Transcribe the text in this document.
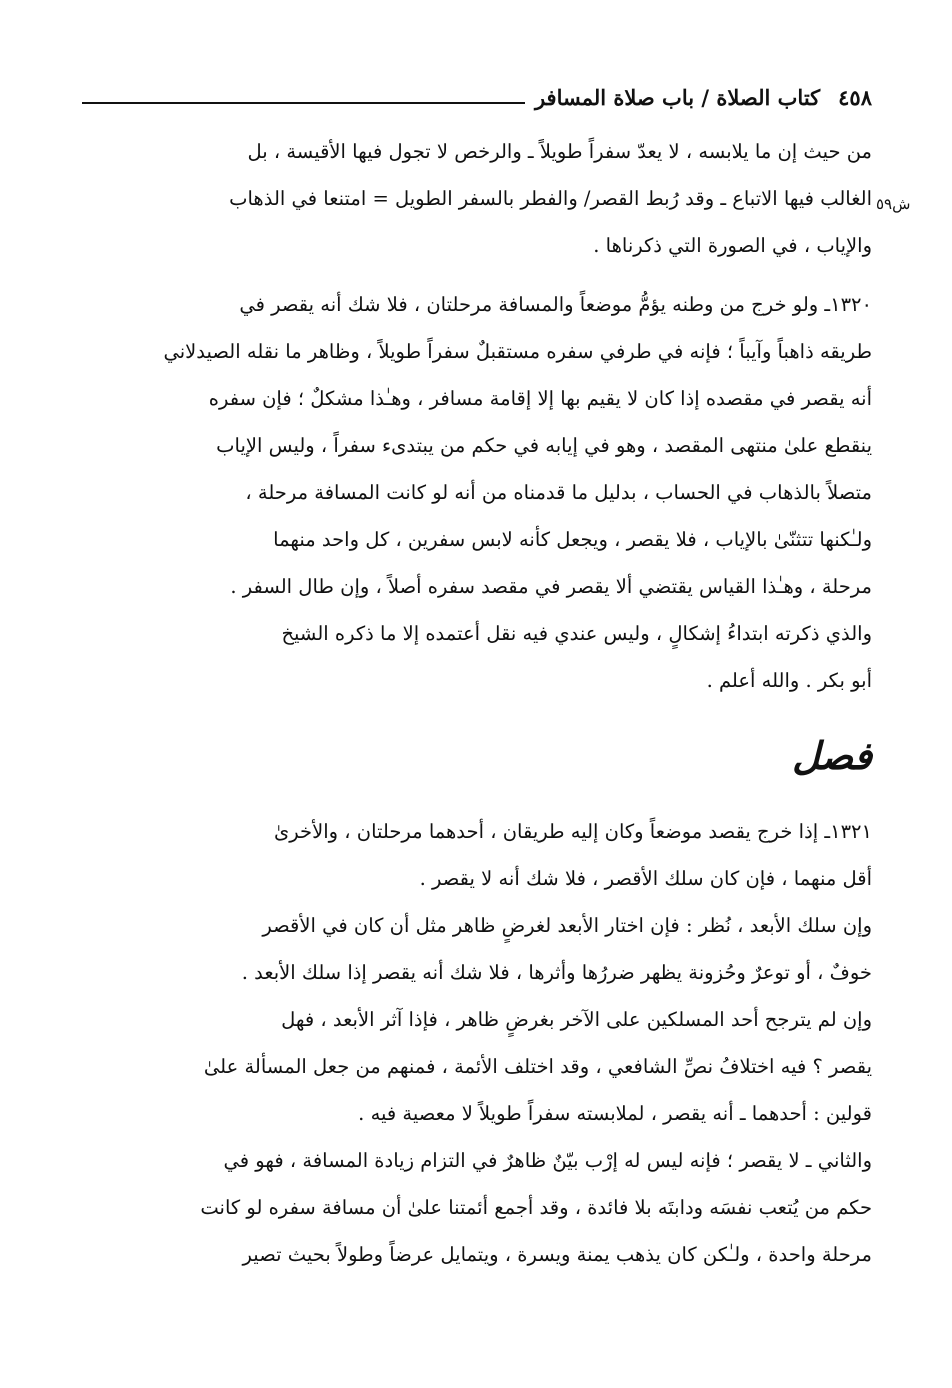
٤٥٨
كتاب الصلاة / باب صلاة المسافر
ش٥٩
من حيث إن ما يلابسه ، لا يعدّ سفراً طويلاً ـ والرخص لا تجول فيها الأقيسة ، بل
الغالب فيها الاتباع ـ وقد رُبط القصر/ والفطر بالسفر الطويل = امتنعا في الذهاب
والإياب ، في الصورة التي ذكرناها .
١٣٢٠ـ ولو خرج من وطنه يؤمُّ موضعاً والمسافة مرحلتان ، فلا شك أنه يقصر في
طريقه ذاهباً وآيباً ؛ فإنه في طرفي سفره مستقبلٌ سفراً طويلاً ، وظاهر ما نقله الصيدلاني
أنه يقصر في مقصده إذا كان لا يقيم بها إلا إقامة مسافر ، وهـٰذا مشكلٌ ؛ فإن سفره
ينقطع علىٰ منتهى المقصد ، وهو في إيابه في حكم من يبتدىء سفراً ، وليس الإياب
متصلاً بالذهاب في الحساب ، بدليل ما قدمناه من أنه لو كانت المسافة مرحلة ،
ولـٰكنها تتثنّىٰ بالإياب ، فلا يقصر ، ويجعل كأنه لابس سفرين ، كل واحد منهما
مرحلة ، وهـٰذا القياس يقتضي ألا يقصر في مقصد سفره أصلاً ، وإن طال السفر .
والذي ذكرته ابتداءُ إشكالٍ ، وليس عندي فيه نقل أعتمده إلا ما ذكره الشيخ
أبو بكر . والله أعلم .
فصل
١٣٢١ـ إذا خرج يقصد موضعاً وكان إليه طريقان ، أحدهما مرحلتان ، والأخرىٰ
أقل منهما ، فإن كان سلك الأقصر ، فلا شك أنه لا يقصر .
وإن سلك الأبعد ، نُظر : فإن اختار الأبعد لغرضٍ ظاهر مثل أن كان في الأقصر
خوفٌ ، أو توعرٌ وحُزونة يظهر ضررُها وأثرها ، فلا شك أنه يقصر إذا سلك الأبعد .
وإن لم يترجح أحد المسلكين على الآخر بغرضٍ ظاهر ، فإذا آثر الأبعد ، فهل
يقصر ؟ فيه اختلافُ نصِّ الشافعي ، وقد اختلف الأئمة ، فمنهم من جعل المسألة علىٰ
قولين : أحدهما ـ أنه يقصر ، لملابسته سفراً طويلاً لا معصية فيه .
والثاني ـ لا يقصر ؛ فإنه ليس له إرْب بيّنٌ ظاهرٌ في التزام زيادة المسافة ، فهو في
حكم من يُتعب نفسَه ودابتَه بلا فائدة ، وقد أجمع أئمتنا علىٰ أن مسافة سفره لو كانت
مرحلة واحدة ، ولـٰكن كان يذهب يمنة ويسرة ، ويتمايل عرضاً وطولاً بحيث تصير
